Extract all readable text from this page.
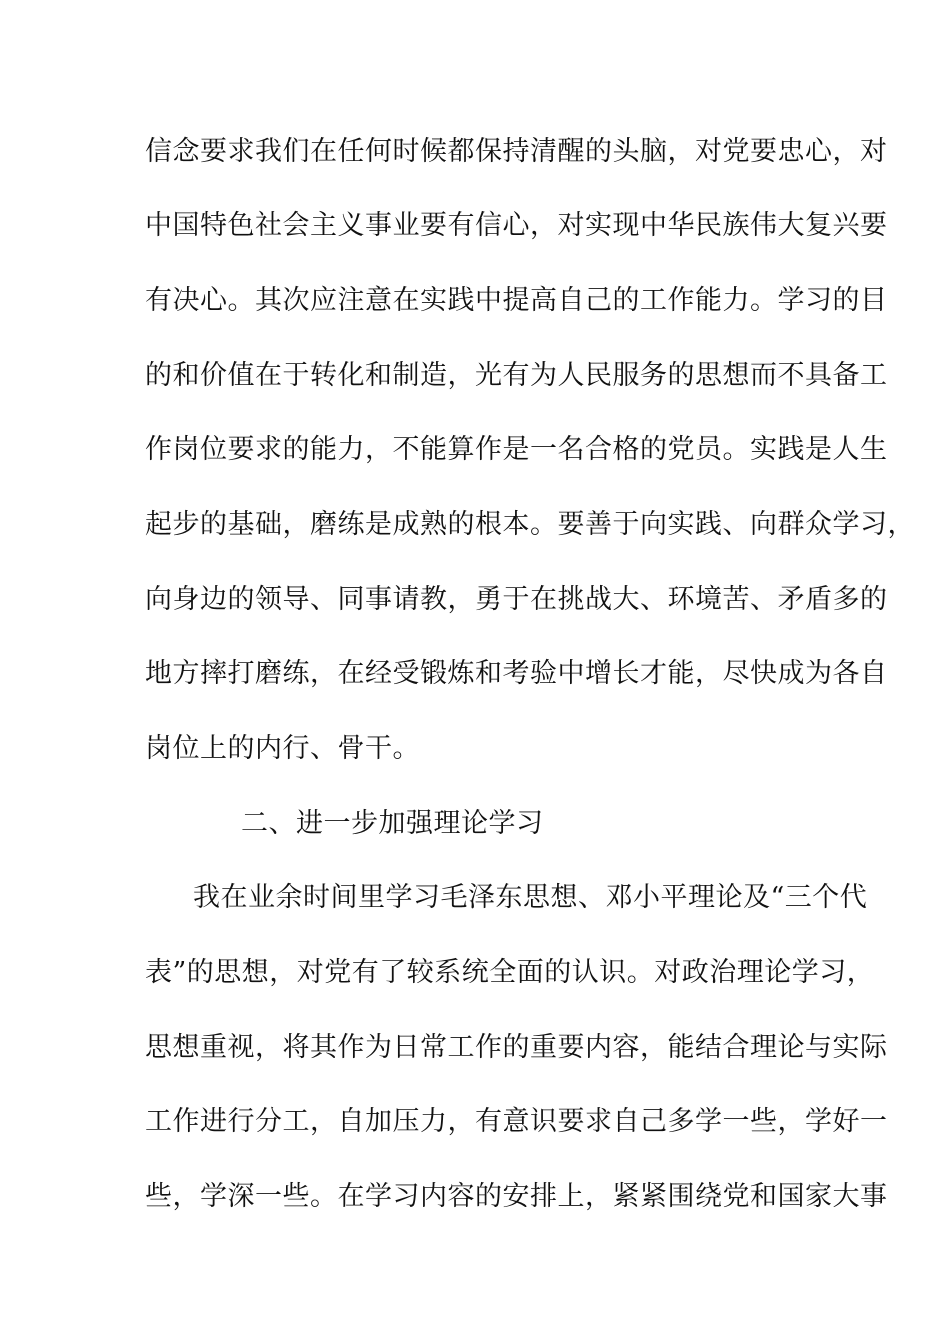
信念要求我们在任何时候都保持清醒的头脑，对党要忠心，对

中国特色社会主义事业要有信心，对实现中华民族伟大复兴要

有决心。其次应注意在实践中提高自己的工作能力。学习的目

的和价值在于转化和制造，光有为人民服务的思想而不具备工

作岗位要求的能力，不能算作是一名合格的党员。实践是人生

起步的基础，磨练是成熟的根本。要善于向实践、向群众学习，

向身边的领导、同事请教，勇于在挑战大、环境苦、矛盾多的

地方摔打磨练，在经受锻炼和考验中增长才能，尽快成为各自

岗位上的内行、骨干。

二、进一步加强理论学习

我在业余时间里学习毛泽东思想、邓小平理论及“三个代

表”的思想，对党有了较系统全面的认识。对政治理论学习，

思想重视，将其作为日常工作的重要内容，能结合理论与实际

工作进行分工，自加压力，有意识要求自己多学一些，学好一

些，学深一些。在学习内容的安排上，紧紧围绕党和国家大事
